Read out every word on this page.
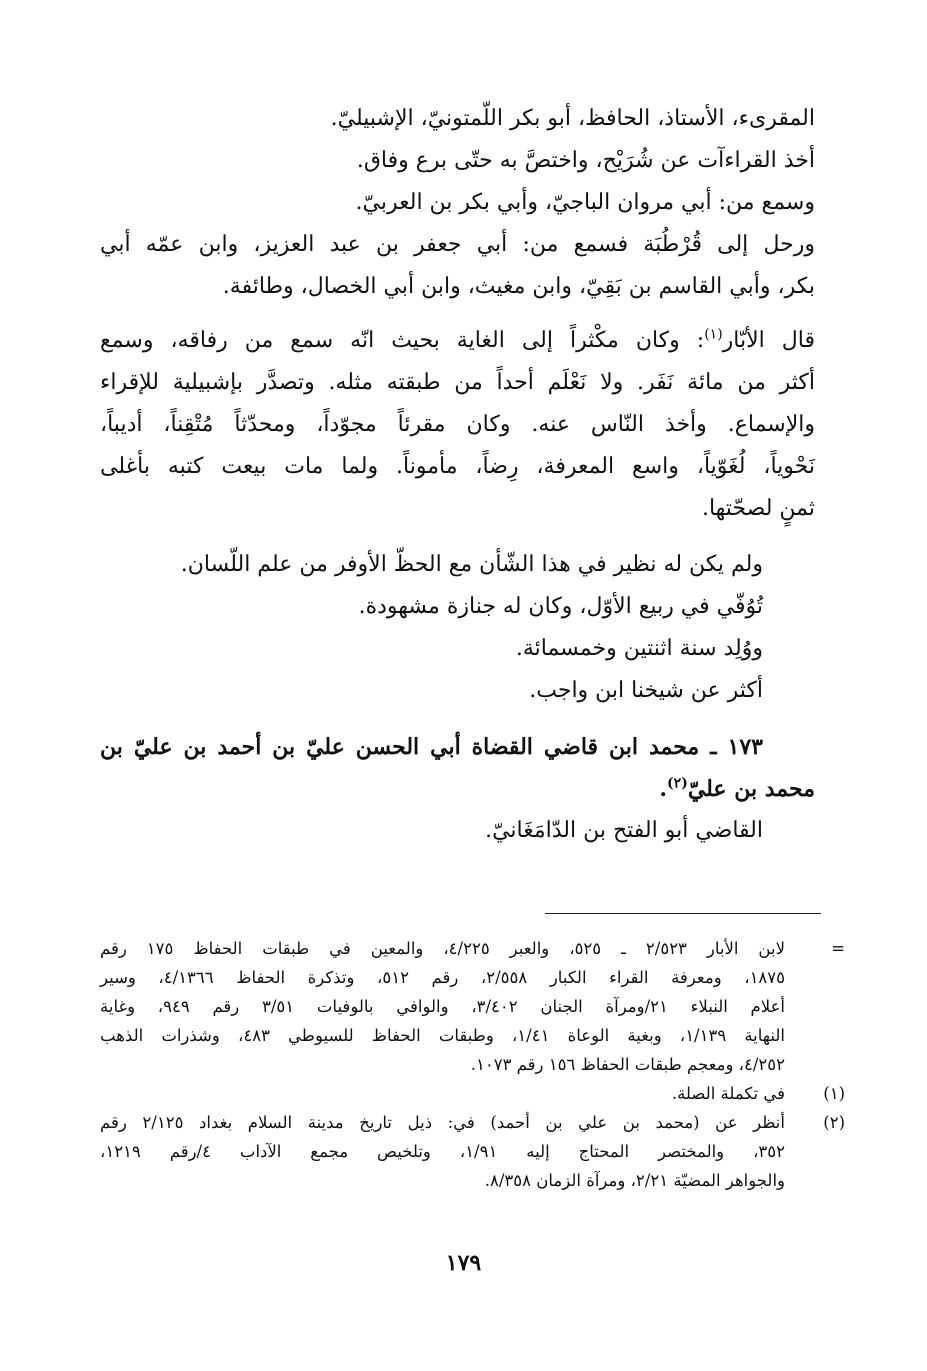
المقرىء، الأستاذ، الحافظ، أبو بكر اللّمتونيّ، الإشبيليّ.

أخذ القراءآت عن شُرَيْح، واختصَّ به حتّى برع وفاق.

وسمع من: أبي مروان الباجيّ، وأبي بكر بن العربيّ.

ورحل إلى قُرْطُبَة فسمع من: أبي جعفر بن عبد العزيز، وابن عمّه أبي

بكر، وأبي القاسم بن بَقِيّ، وابن مغيث، وابن أبي الخصال، وطائفة.

قال الأبّار$^{(١)}$: وكان مكْثراً إلى الغاية بحيث انّه سمع من رفاقه، وسمع

أكثر من مائة نَفَر. ولا نَعْلَم أحداً من طبقته مثله. وتصدَّر بإشبيلية للإقراء

والإسماع. وأخذ النّاس عنه. وكان مقرئاً مجوّداً، ومحدّثاً مُتْقِناً، أديباً،

نَحْوياً، لُغَوّياً، واسع المعرفة، رِضاً، مأموناً. ولما مات بيعت كتبه بأغلى

ثمنٍ لصحّتها.

ولم يكن له نظير في هذا الشّأن مع الحظّ الأوفر من علم اللّسان.

تُوُفّي في ربيع الأوّل، وكان له جنازة مشهودة.

ووُلِد سنة اثنتين وخمسمائة.

أكثر عن شيخنا ابن واجب.

١٧٣ ـ محمد ابن قاضي القضاة أبي الحسن عليّ بن أحمد بن عليّ بن

محمد بن عليّ$^{(٢)}$.

القاضي أبو الفتح بن الدّامَغَانيّ.

=

لابن الأبار ٢/٥٢٣ ـ ٥٢٥، والعبر ٤/٢٢٥، والمعين في طبقات الحفاظ ١٧٥ رقم

١٨٧٥، ومعرفة القراء الكبار ٢/٥٥٨، رقم ٥١٢، وتذكرة الحفاظ ٤/١٣٦٦، وسير

أعلام النبلاء ٢١/ومرآة الجنان ٣/٤٠٢، والوافي بالوفيات ٣/٥١ رقم ٩٤٩، وغاية

النهاية ١/١٣٩، وبغية الوعاة ١/٤١، وطبقات الحفاظ للسيوطي ٤٨٣، وشذرات الذهب

٤/٢٥٢، ومعجم طبقات الحفاظ ١٥٦ رقم ١٠٧٣.

(١)

في تكملة الصلة.

(٢)

أنظر عن (محمد بن علي بن أحمد) في: ذيل تاريخ مدينة السلام بغداد ٢/١٢٥ رقم

٣٥٢، والمختصر المحتاج إليه ١/٩١، وتلخيص مجمع الآداب ٤/رقم ١٢١٩،

والجواهر المضيّة ٢/٢١، ومرآة الزمان ٨/٣٥٨.

١٧٩
